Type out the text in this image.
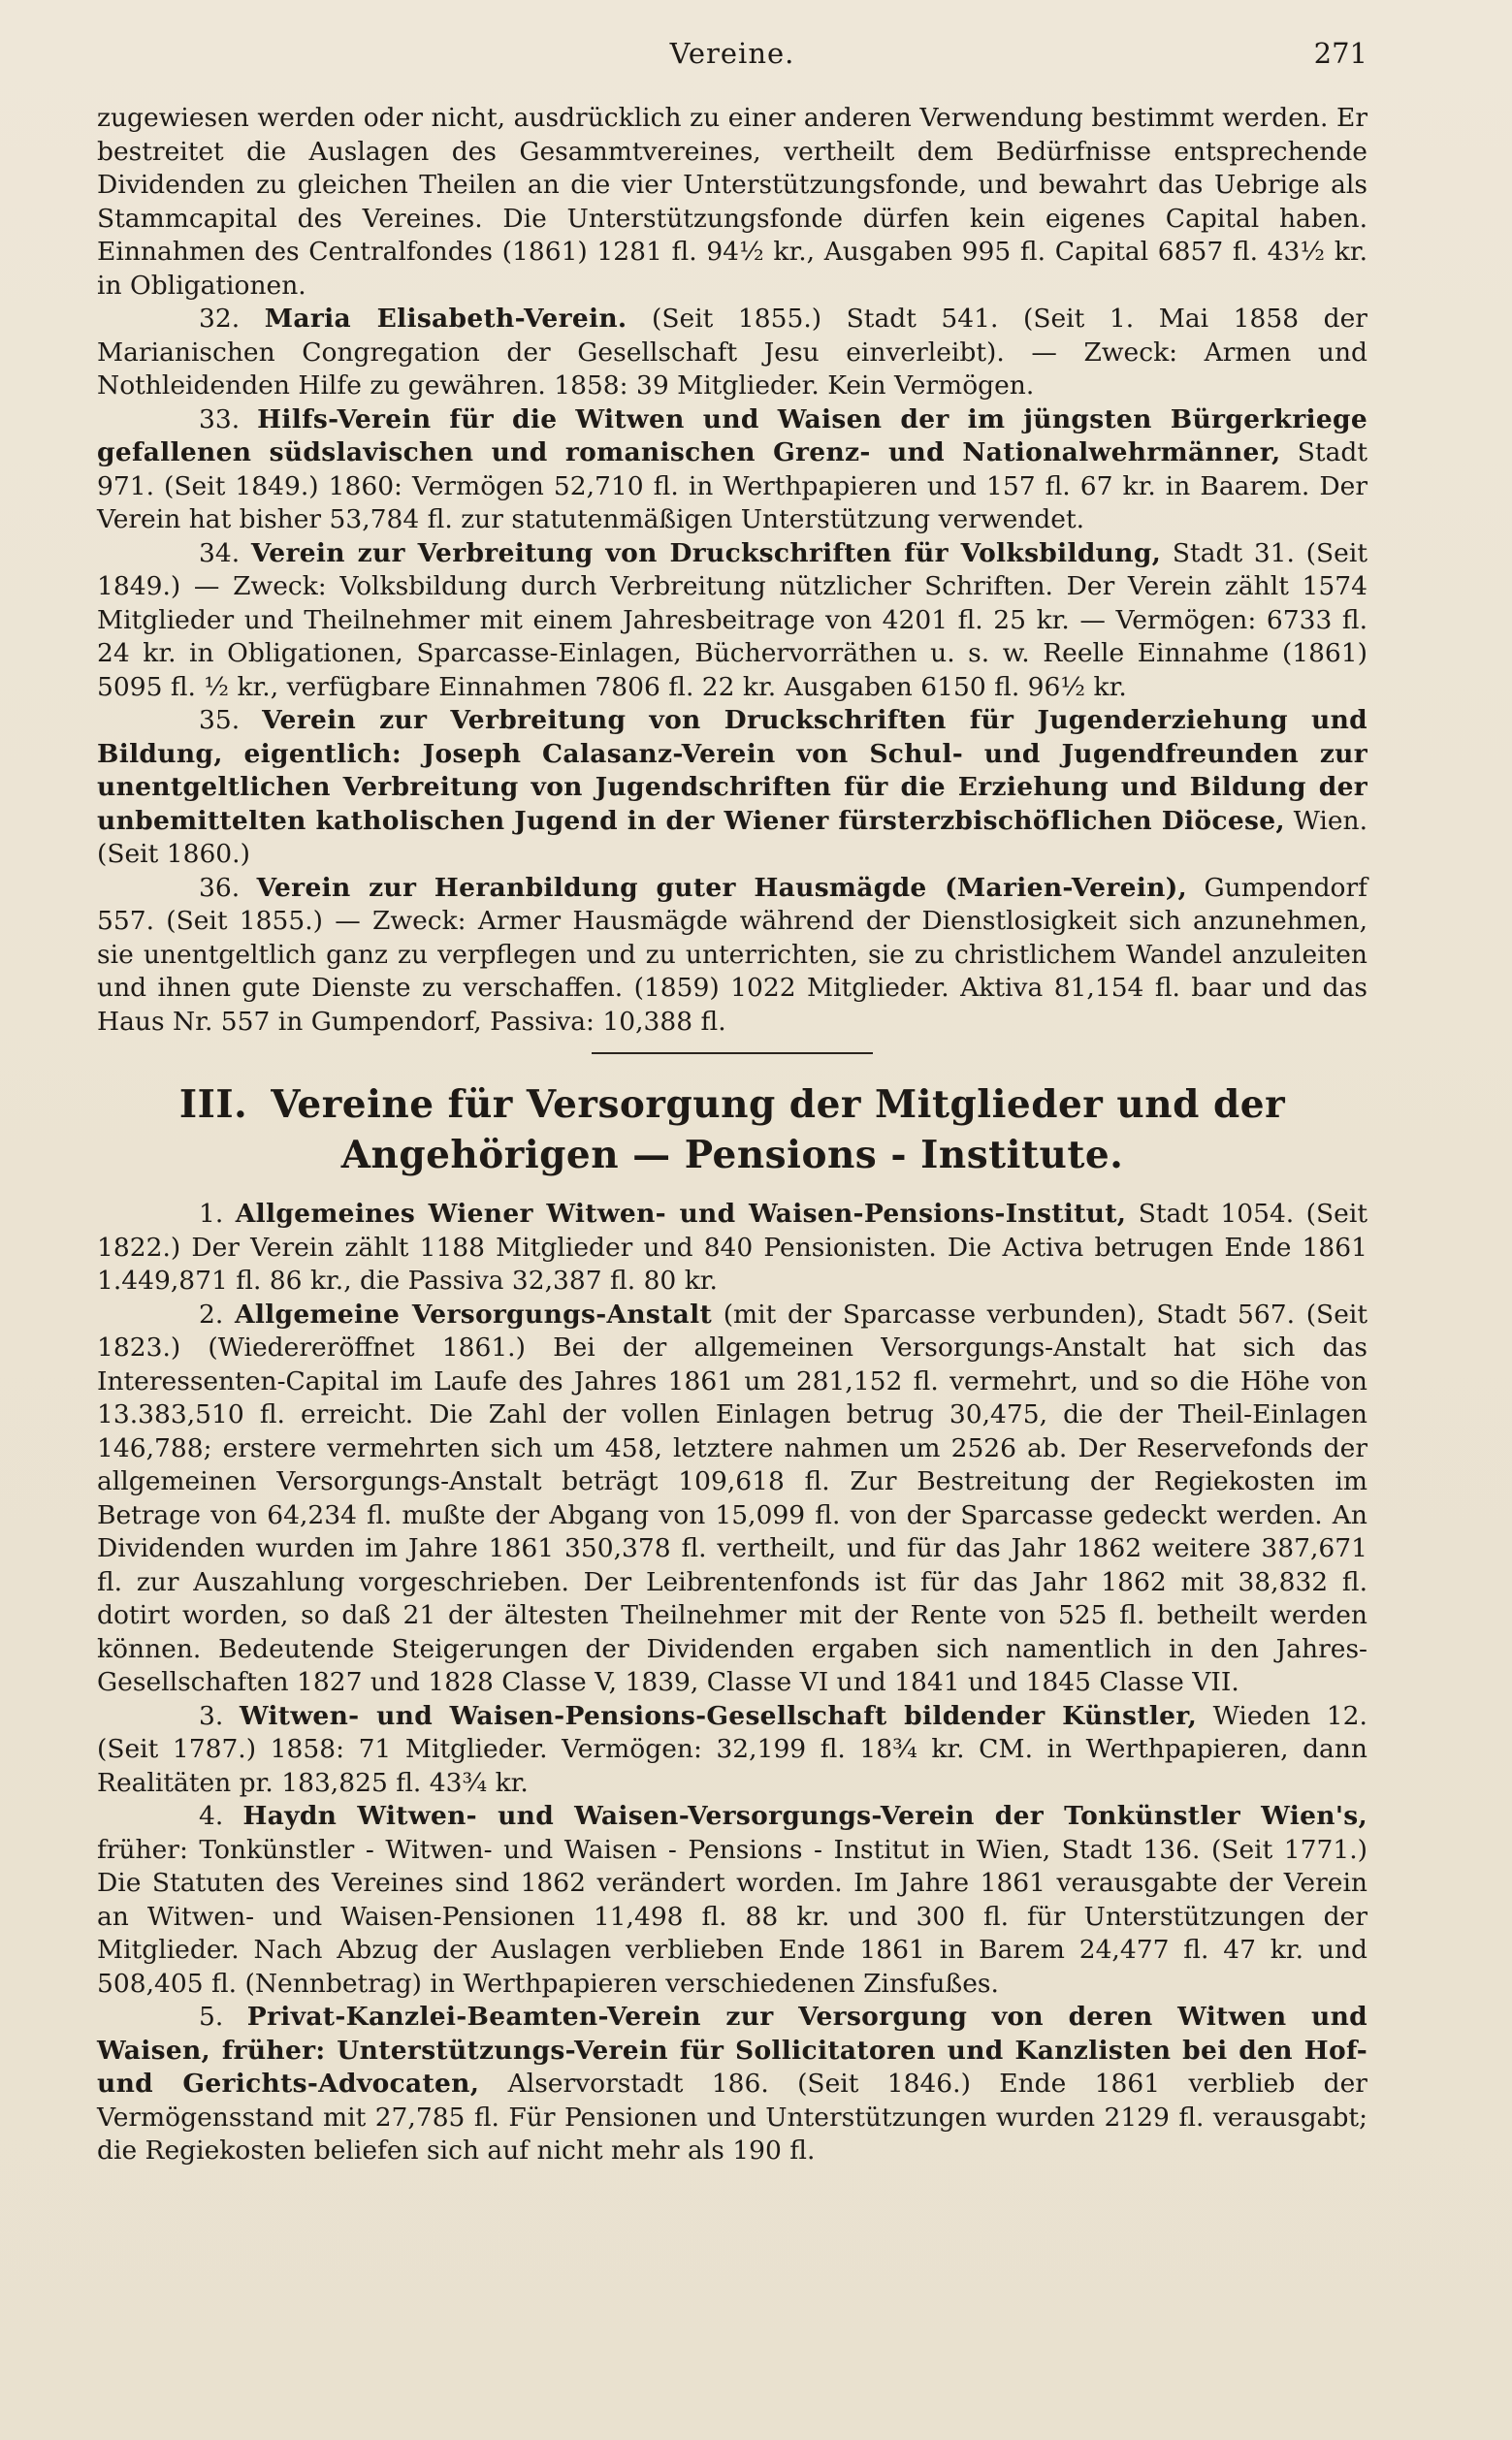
Vereine.	271

zugewiesen werden oder nicht, ausdrücklich zu einer anderen Verwendung bestimmt werden. Er bestreitet die Auslagen des Gesammtvereines, vertheilt dem Bedürfnisse entsprechende Dividenden zu gleichen Theilen an die vier Unterstützungsfonde, und bewahrt das Uebrige als Stammcapital des Vereines. Die Unterstützungsfonde dürfen kein eigenes Capital haben. Einnahmen des Centralfondes (1861) 1281 fl. 94½ kr., Ausgaben 995 fl. Capital 6857 fl. 43½ kr. in Obligationen.

32. Maria Elisabeth-Verein. (Seit 1855.) Stadt 541. (Seit 1. Mai 1858 der Marianischen Congregation der Gesellschaft Jesu einverleibt). — Zweck: Armen und Nothleidenden Hilfe zu gewähren. 1858: 39 Mitglieder. Kein Vermögen.

33. Hilfs-Verein für die Witwen und Waisen der im jüngsten Bürgerkriege gefallenen südslavischen und romanischen Grenz- und Nationalwehrmänner, Stadt 971. (Seit 1849.) 1860: Vermögen 52,710 fl. in Werthpapieren und 157 fl. 67 kr. in Baarem. Der Verein hat bisher 53,784 fl. zur statutenmäßigen Unterstützung verwendet.

34. Verein zur Verbreitung von Druckschriften für Volksbildung, Stadt 31. (Seit 1849.) — Zweck: Volksbildung durch Verbreitung nützlicher Schriften. Der Verein zählt 1574 Mitglieder und Theilnehmer mit einem Jahresbeitrage von 4201 fl. 25 kr. — Vermögen: 6733 fl. 24 kr. in Obligationen, Sparcasse-Einlagen, Büchervorräthen u. s. w. Reelle Einnahme (1861) 5095 fl. ½ kr., verfügbare Einnahmen 7806 fl. 22 kr. Ausgaben 6150 fl. 96½ kr.

35. Verein zur Verbreitung von Druckschriften für Jugenderziehung und Bildung, eigentlich: Joseph Calasanz-Verein von Schul- und Jugendfreunden zur unentgeltlichen Verbreitung von Jugendschriften für die Erziehung und Bildung der unbemittelten katholischen Jugend in der Wiener fürsterzbischöflichen Diöcese, Wien. (Seit 1860.)

36. Verein zur Heranbildung guter Hausmägde (Marien-Verein), Gumpendorf 557. (Seit 1855.) — Zweck: Armer Hausmägde während der Dienstlosigkeit sich anzunehmen, sie unentgeltlich ganz zu verpflegen und zu unterrichten, sie zu christlichem Wandel anzuleiten und ihnen gute Dienste zu verschaffen. (1859) 1022 Mitglieder. Aktiva 81,154 fl. baar und das Haus Nr. 557 in Gumpendorf, Passiva: 10,388 fl.

III. Vereine für Versorgung der Mitglieder und der Angehörigen — Pensions - Institute.

1. Allgemeines Wiener Witwen- und Waisen-Pensions-Institut, Stadt 1054. (Seit 1822.) Der Verein zählt 1188 Mitglieder und 840 Pensionisten. Die Activa betrugen Ende 1861 1.449,871 fl. 86 kr., die Passiva 32,387 fl. 80 kr.

2. Allgemeine Versorgungs-Anstalt (mit der Sparcasse verbunden), Stadt 567. (Seit 1823.) (Wiedereröffnet 1861.) Bei der allgemeinen Versorgungs-Anstalt hat sich das Interessenten-Capital im Laufe des Jahres 1861 um 281,152 fl. vermehrt, und so die Höhe von 13.383,510 fl. erreicht. Die Zahl der vollen Einlagen betrug 30,475, die der Theil-Einlagen 146,788; erstere vermehrten sich um 458, letztere nahmen um 2526 ab. Der Reservefonds der allgemeinen Versorgungs-Anstalt beträgt 109,618 fl. Zur Bestreitung der Regiekosten im Betrage von 64,234 fl. mußte der Abgang von 15,099 fl. von der Sparcasse gedeckt werden. An Dividenden wurden im Jahre 1861 350,378 fl. vertheilt, und für das Jahr 1862 weitere 387,671 fl. zur Auszahlung vorgeschrieben. Der Leibrentenfonds ist für das Jahr 1862 mit 38,832 fl. dotirt worden, so daß 21 der ältesten Theilnehmer mit der Rente von 525 fl. betheilt werden können. Bedeutende Steigerungen der Dividenden ergaben sich namentlich in den Jahres-Gesellschaften 1827 und 1828 Classe V, 1839, Classe VI und 1841 und 1845 Classe VII.

3. Witwen- und Waisen-Pensions-Gesellschaft bildender Künstler, Wieden 12. (Seit 1787.) 1858: 71 Mitglieder. Vermögen: 32,199 fl. 18¾ kr. CM. in Werthpapieren, dann Realitäten pr. 183,825 fl. 43¾ kr.

4. Haydn Witwen- und Waisen-Versorgungs-Verein der Tonkünstler Wien's, früher: Tonkünstler - Witwen- und Waisen - Pensions - Institut in Wien, Stadt 136. (Seit 1771.) Die Statuten des Vereines sind 1862 verändert worden. Im Jahre 1861 verausgabte der Verein an Witwen- und Waisen-Pensionen 11,498 fl. 88 kr. und 300 fl. für Unterstützungen der Mitglieder. Nach Abzug der Auslagen verblieben Ende 1861 in Barem 24,477 fl. 47 kr. und 508,405 fl. (Nennbetrag) in Werthpapieren verschiedenen Zinsfußes.

5. Privat-Kanzlei-Beamten-Verein zur Versorgung von deren Witwen und Waisen, früher: Unterstützungs-Verein für Sollicitatoren und Kanzlisten bei den Hof- und Gerichts-Advocaten, Alservorstadt 186. (Seit 1846.) Ende 1861 verblieb der Vermögensstand mit 27,785 fl. Für Pensionen und Unterstützungen wurden 2129 fl. verausgabt; die Regiekosten beliefen sich auf nicht mehr als 190 fl.
